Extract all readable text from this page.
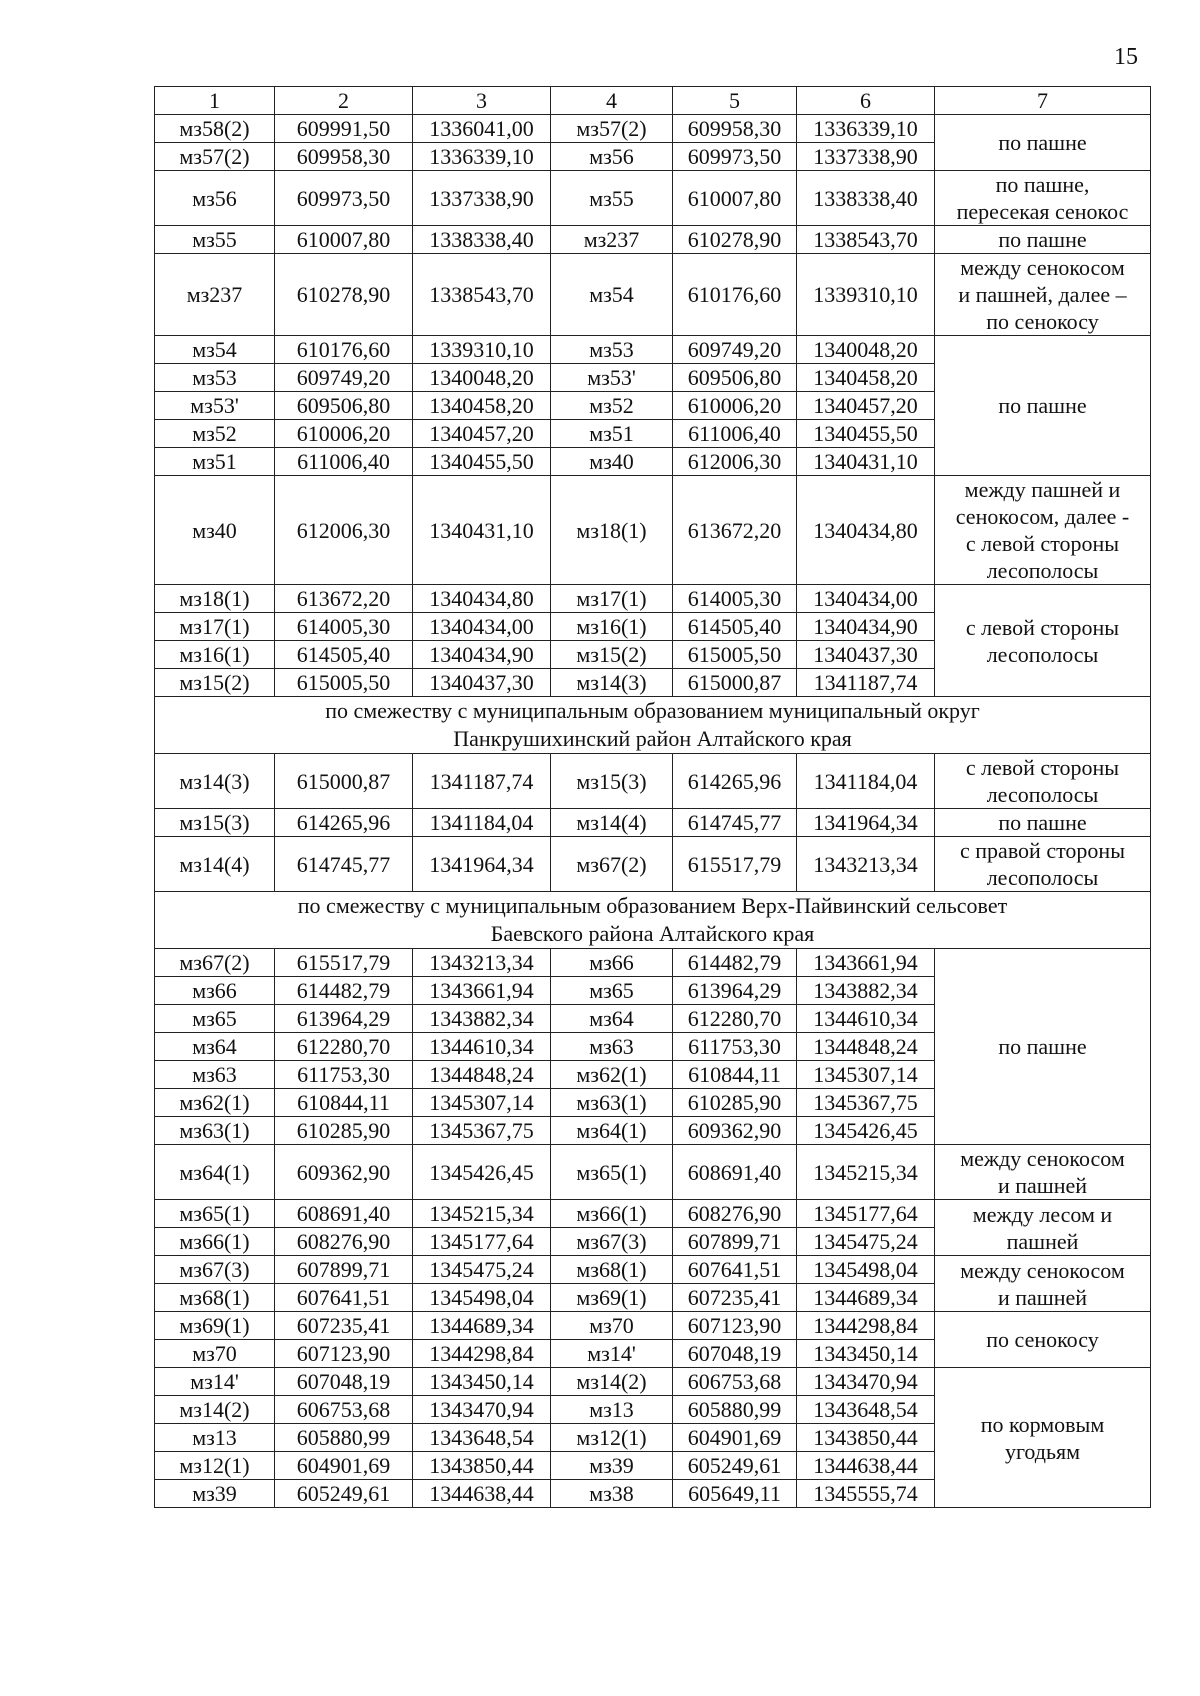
15
1	2	3	4	5	6	7
мз58(2)	609991,50	1336041,00	мз57(2)	609958,30	1336339,10	по пашне
мз57(2)	609958,30	1336339,10	мз56	609973,50	1337338,90	
мз56	609973,50	1337338,90	мз55	610007,80	1338338,40	по пашне,
пересекая сенокос

мз55	610007,80	1338338,40	мз237	610278,90	1338543,70	по пашне
мз237	610278,90	1338543,70	мз54	610176,60	1339310,10	между сенокосом
и пашней, далее –
по сенокосу

мз54	610176,60	1339310,10	мз53	609749,20	1340048,20	по пашне
мз53	609749,20	1340048,20	мз53'	609506,80	1340458,20	
мз53'	609506,80	1340458,20	мз52	610006,20	1340457,20	
мз52	610006,20	1340457,20	мз51	611006,40	1340455,50	
мз51	611006,40	1340455,50	мз40	612006,30	1340431,10	
мз40	612006,30	1340431,10	мз18(1)	613672,20	1340434,80	между пашней и
сенокосом, далее -
с левой стороны
лесополосы

мз18(1)	613672,20	1340434,80	мз17(1)	614005,30	1340434,00	с левой стороны
лесополосы

мз17(1)	614005,30	1340434,00	мз16(1)	614505,40	1340434,90	
мз16(1)	614505,40	1340434,90	мз15(2)	615005,50	1340437,30	
мз15(2)	615005,50	1340437,30	мз14(3)	615000,87	1341187,74	

по смежеству с муниципальным образованием муниципальный округ
Панкрушихинский район Алтайского края						

мз14(3)	615000,87	1341187,74	мз15(3)	614265,96	1341184,04	с левой стороны
лесополосы

мз15(3)	614265,96	1341184,04	мз14(4)	614745,77	1341964,34	по пашне
мз14(4)	614745,77	1341964,34	мз67(2)	615517,79	1343213,34	с правой стороны
лесополосы

по смежеству с муниципальным образованием Верх-Пайвинский сельсовет
Баевского района Алтайского края						

мз67(2)	615517,79	1343213,34	мз66	614482,79	1343661,94	по пашне
мз66	614482,79	1343661,94	мз65	613964,29	1343882,34	
мз65	613964,29	1343882,34	мз64	612280,70	1344610,34	
мз64	612280,70	1344610,34	мз63	611753,30	1344848,24	
мз63	611753,30	1344848,24	мз62(1)	610844,11	1345307,14	
мз62(1)	610844,11	1345307,14	мз63(1)	610285,90	1345367,75	
мз63(1)	610285,90	1345367,75	мз64(1)	609362,90	1345426,45	
мз64(1)	609362,90	1345426,45	мз65(1)	608691,40	1345215,34	между сенокосом
и пашней

мз65(1)	608691,40	1345215,34	мз66(1)	608276,90	1345177,64	между лесом и
пашней

мз66(1)	608276,90	1345177,64	мз67(3)	607899,71	1345475,24	
мз67(3)	607899,71	1345475,24	мз68(1)	607641,51	1345498,04	между сенокосом
и пашней

мз68(1)	607641,51	1345498,04	мз69(1)	607235,41	1344689,34	
мз69(1)	607235,41	1344689,34	мз70	607123,90	1344298,84	по сенокосу
мз70	607123,90	1344298,84	мз14'	607048,19	1343450,14	
мз14'	607048,19	1343450,14	мз14(2)	606753,68	1343470,94	по кормовым
угодьям

мз14(2)	606753,68	1343470,94	мз13	605880,99	1343648,54	
мз13	605880,99	1343648,54	мз12(1)	604901,69	1343850,44	
мз12(1)	604901,69	1343850,44	мз39	605249,61	1344638,44	
мз39	605249,61	1344638,44	мз38	605649,11	1345555,74	
